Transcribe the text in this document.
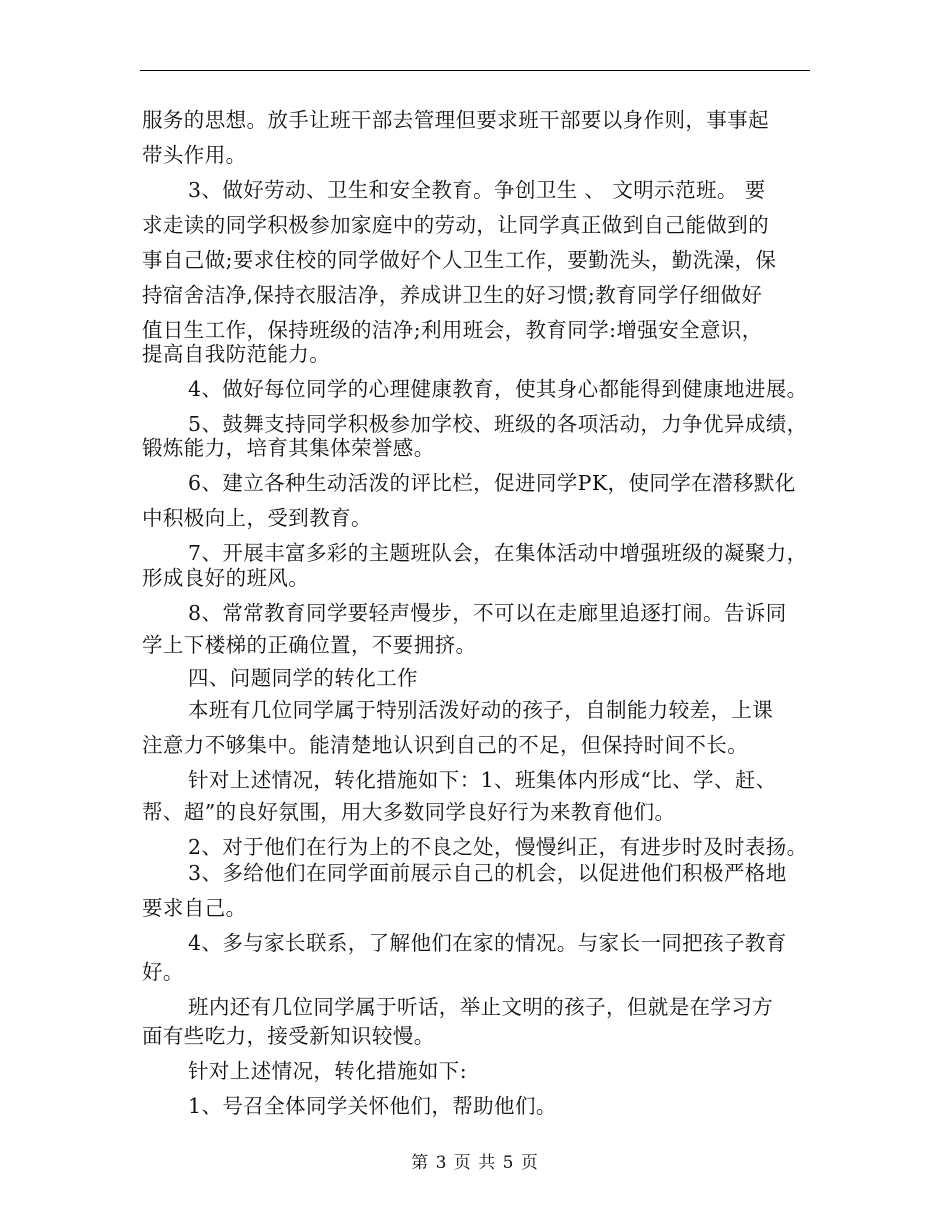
服务的思想。放手让班干部去管理但要求班干部要以身作则，事事起
带头作用。
3、做好劳动、卫生和安全教育。争创卫生 、 文明示范班。 要
求走读的同学积极参加家庭中的劳动，让同学真正做到自己能做到的
事自己做;要求住校的同学做好个人卫生工作，要勤洗头，勤洗澡，保
持宿舍洁净,保持衣服洁净，养成讲卫生的好习惯;教育同学仔细做好
值日生工作，保持班级的洁净;利用班会，教育同学:增强安全意识，
提高自我防范能力。
4、做好每位同学的心理健康教育，使其身心都能得到健康地进展。
5、鼓舞支持同学积极参加学校、班级的各项活动，力争优异成绩，
锻炼能力，培育其集体荣誉感。
6、建立各种生动活泼的评比栏，促进同学PK，使同学在潜移默化
中积极向上，受到教育。
7、开展丰富多彩的主题班队会，在集体活动中增强班级的凝聚力，
形成良好的班风。
8、常常教育同学要轻声慢步，不可以在走廊里追逐打闹。告诉同
学上下楼梯的正确位置，不要拥挤。
四、问题同学的转化工作
本班有几位同学属于特别活泼好动的孩子，自制能力较差，上课
注意力不够集中。能清楚地认识到自己的不足，但保持时间不长。
针对上述情况，转化措施如下：1、班集体内形成“比、学、赶、
帮、超”的良好氛围，用大多数同学良好行为来教育他们。
2、对于他们在行为上的不良之处，慢慢纠正，有进步时及时表扬。
3、多给他们在同学面前展示自己的机会，以促进他们积极严格地
要求自己。
4、多与家长联系，了解他们在家的情况。与家长一同把孩子教育
好。
班内还有几位同学属于听话，举止文明的孩子，但就是在学习方
面有些吃力，接受新知识较慢。
针对上述情况，转化措施如下:
1、号召全体同学关怀他们，帮助他们。
第 3 页 共 5 页
